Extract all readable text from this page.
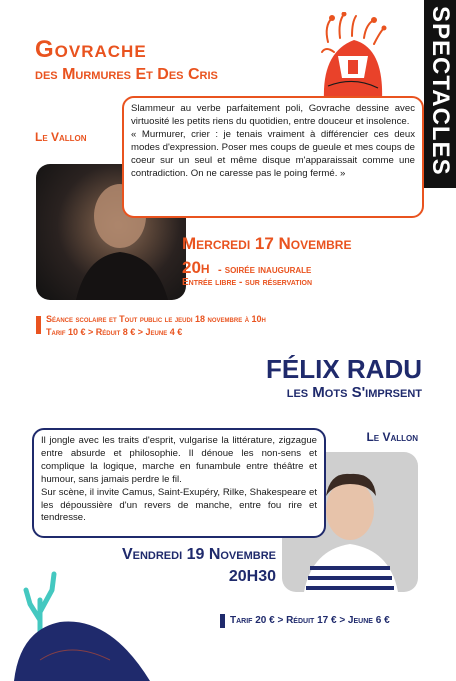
SPECTACLES
Govrache
des Murmures Et Des Cris
Le Vallon

Slammeur au verbe parfaitement poli, Govrache dessine avec virtuosité les petits riens du quotidien, entre douceur et insolence.

« Murmurer, crier : je tenais vraiment à différencier ces deux modes d'expression. Poser mes coups de gueule et mes coups de coeur sur un seul et même disque m'apparaissait comme une contradiction. On ne caresse pas le poing fermé. »

Mercredi 17 Novembre
20h - soirée inaugurale
Entrée libre - sur réservation
Séance scolaire et Tout public le jeudi 18 novembre à 10h
Tarif 10 € > Réduit 8 € > Jeune 4 €
FÉLIX RADU
les Mots S'imprsent
Le Vallon

Il jongle avec les traits d'esprit, vulgarise la littérature, zigzague entre absurde et philosophie. Il dénoue les non-sens et complique la logique, marche en funambule entre théâtre et humour, sans jamais perdre le fil.

Sur scène, il invite Camus, Saint-Exupéry, Rilke, Shakespeare et les dépoussière d'un revers de manche, entre fou rire et tendresse.

Vendredi 19 Novembre
20H30
Tarif 20 € > Réduit 17 € > Jeune 6 €
